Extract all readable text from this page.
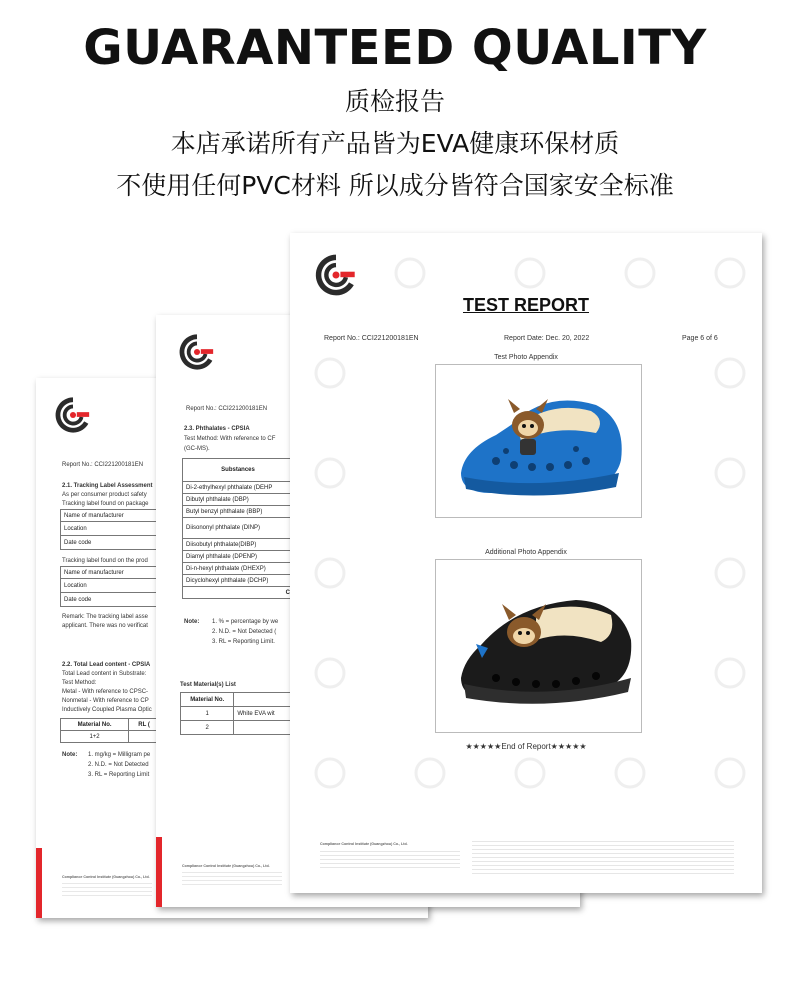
GUARANTEED QUALITY
质检报告
本店承诺所有产品皆为EVA健康环保材质
不使用任何PVC材料 所以成分皆符合国家安全标准
Report No.: CCI221200181EN
2.1. Tracking Label Assessment
As per consumer product safety
Tracking label found on package
Name of manufacturer
Location
Date code
Tracking label found on the prod
Name of manufacturer
Location
Date code
Remark: The tracking label asse
applicant. There was no verificat
2.2. Total Lead content - CPSIA
Total Lead content in Substrate:
Test Method:
Metal - With reference to CPSC-
Nonmetal - With reference to CP
Inductively Coupled Plasma Optic
Material No.	RL (
1+2	
Note: 1. mg/kg = Milligram pe
2. N.D. = Not Detected
3. RL = Reporting Limit
Compliance Control Institute (Guangzhou) Co., Ltd.
Report No.: CCI221200181EN
2.3. Phthalates - CPSIA
Test Method: With reference to CF
(GC-MS).
Substances
Di-2-ethylhexyl phthalate (DEHP
Dibutyl phthalate (DBP)
Butyl benzyl phthalate (BBP)
Diisononyl phthalate (DINP)
Diisobutyl phthalate(DIBP)
Diamyl phthalate (DPENP)
Di-n-hexyl phthalate (DHEXP)
Dicyclohexyl phthalate (DCHP)
C
Note: 1. % = percentage by we
2. N.D. = Not Detected (
3. RL = Reporting Limit.
Test Material(s) List
Material No.	
1	White EVA wit
2	
Compliance Control Institute (Guangzhou) Co., Ltd.
TEST REPORT
Report No.: CCI221200181EN	Report Date: Dec. 20, 2022	Page 6 of 6
Test Photo Appendix
Additional Photo Appendix
★★★★★End of Report★★★★★
Compliance Control Institute (Guangzhou) Co., Ltd.
